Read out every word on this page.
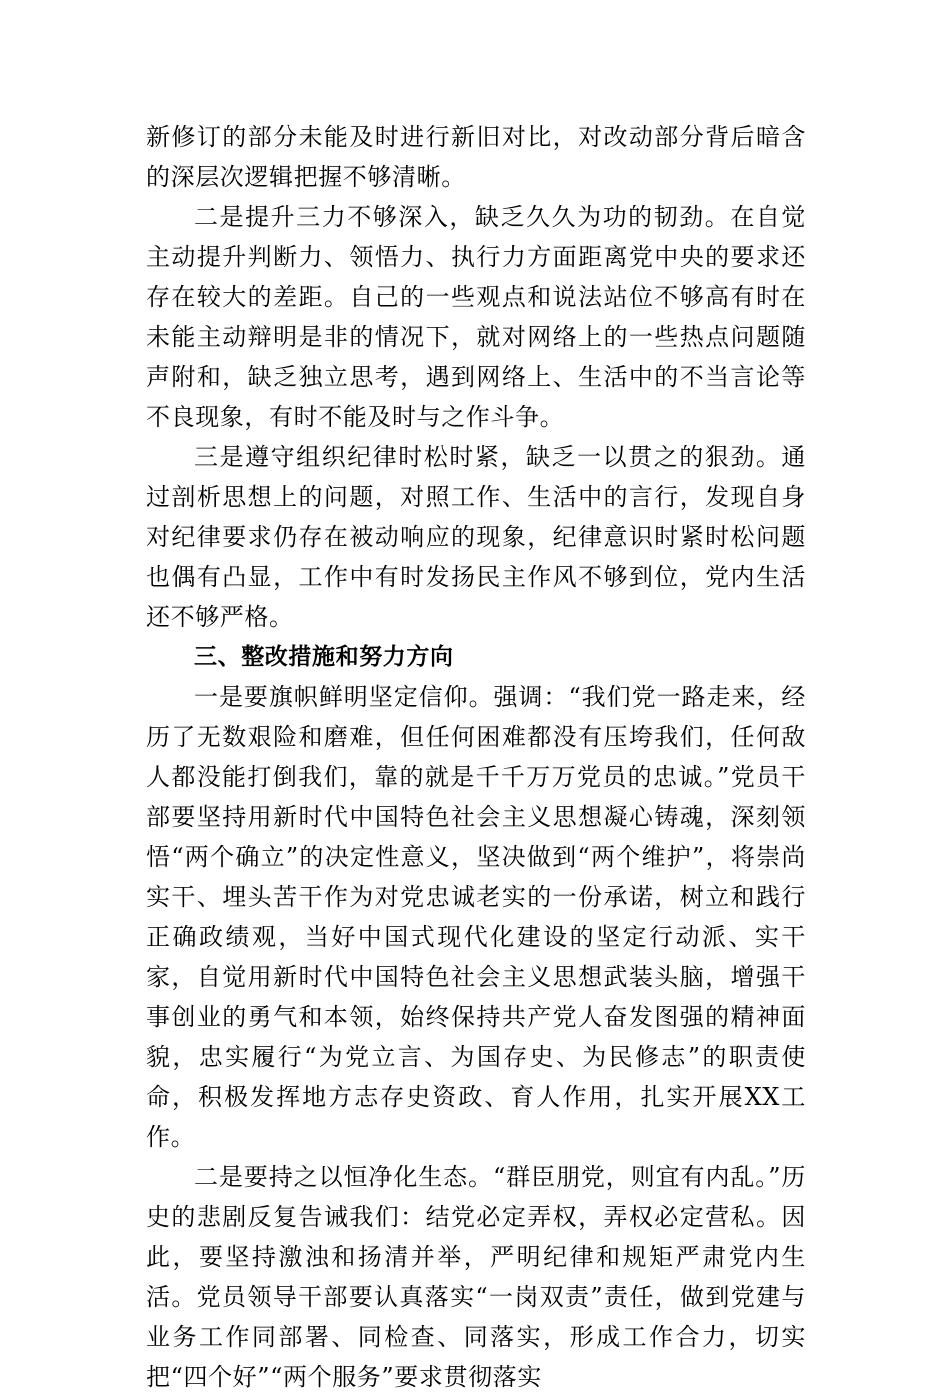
新修订的部分未能及时进行新旧对比，对改动部分背后暗含的深层次逻辑把握不够清晰。

二是提升三力不够深入，缺乏久久为功的韧劲。在自觉主动提升判断力、领悟力、执行力方面距离党中央的要求还存在较大的差距。自己的一些观点和说法站位不够高有时在未能主动辩明是非的情况下，就对网络上的一些热点问题随声附和，缺乏独立思考，遇到网络上、生活中的不当言论等不良现象，有时不能及时与之作斗争。

三是遵守组织纪律时松时紧，缺乏一以贯之的狠劲。通过剖析思想上的问题，对照工作、生活中的言行，发现自身对纪律要求仍存在被动响应的现象，纪律意识时紧时松问题也偶有凸显，工作中有时发扬民主作风不够到位，党内生活还不够严格。

三、整改措施和努力方向

一是要旗帜鲜明坚定信仰。强调：“我们党一路走来，经历了无数艰险和磨难，但任何困难都没有压垮我们，任何敌人都没能打倒我们，靠的就是千千万万党员的忠诚。”党员干部要坚持用新时代中国特色社会主义思想凝心铸魂，深刻领悟“两个确立”的决定性意义，坚决做到“两个维护”，将崇尚实干、埋头苦干作为对党忠诚老实的一份承诺，树立和践行正确政绩观，当好中国式现代化建设的坚定行动派、实干家，自觉用新时代中国特色社会主义思想武装头脑，增强干事创业的勇气和本领，始终保持共产党人奋发图强的精神面貌，忠实履行“为党立言、为国存史、为民修志”的职责使命，积极发挥地方志存史资政、育人作用，扎实开展XX工作。

二是要持之以恒净化生态。“群臣朋党，则宜有内乱。”历史的悲剧反复告诫我们：结党必定弄权，弄权必定营私。因此，要坚持激浊和扬清并举，严明纪律和规矩严肃党内生活。党员领导干部要认真落实“一岗双责”责任，做到党建与业务工作同部署、同检查、同落实，形成工作合力，切实把“四个好”“两个服务”要求贯彻落实
